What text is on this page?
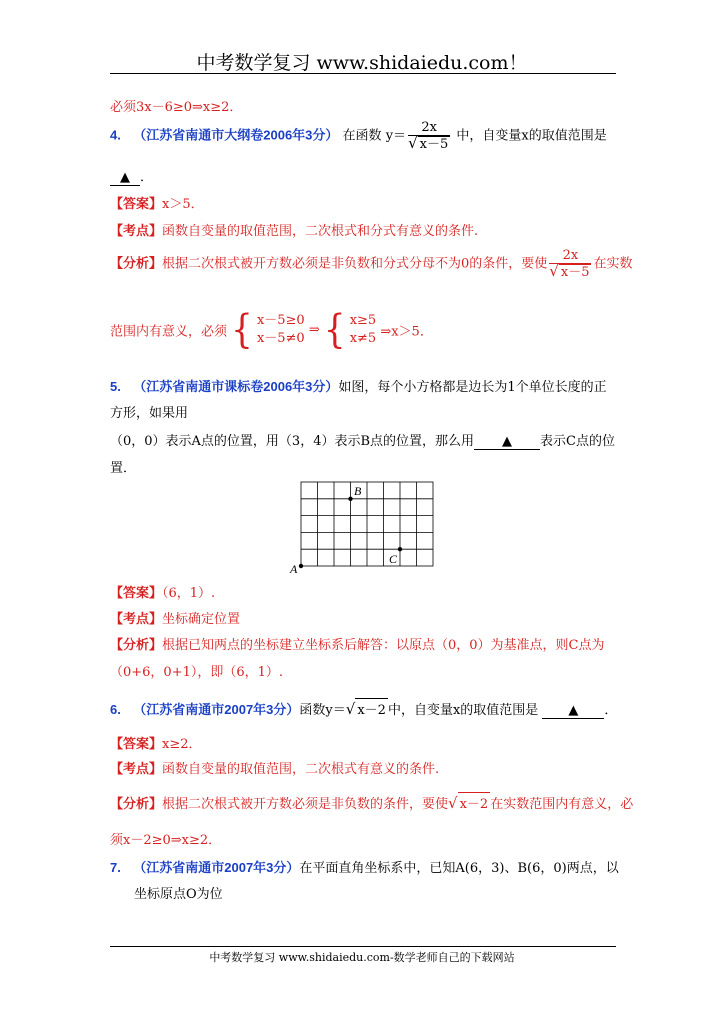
中考数学复习 www.shidaiedu.com！
必须3x－6≥0⇒x≥2．
4. （江苏省南通市大纲卷2006年3分） 在函数 $y= \frac{2x}{√ x-5}$ 中，自变量x的取值范围是
▲ ．
【答案】x＞5．
【考点】函数自变量的取值范围，二次根式和分式有意义的条件.
【分析】根据二次根式被开方数必须是非负数和分式分母不为0的条件，要使 $\frac{2x}{√ x-5}$ 在实数
范围内有意义，必须 { x－5≥0
x－5≠0
⇒ { x≥5
x≠5 ⇒x＞5．
5. （江苏省南通市课标卷2006年3分）如图，每个小方格都是边长为1个单位长度的正
方形，如果用
（0，0）表示A点的位置，用（3，4）表示B点的位置，那么用 ▲ 表示C点的位
置．
A
B
C
【答案】（6，1）.
【考点】坐标确定位置
【分析】根据已知两点的坐标建立坐标系后解答：以原点（0，0）为基准点，则C点为
（0+6，0+1），即（6，1）.
6. （江苏省南通市2007年3分）函数y＝√ x－2 中，自变量x的取值范围是 ▲ ．
【答案】x≥2．
【考点】函数自变量的取值范围，二次根式有意义的条件.
【分析】根据二次根式被开方数必须是非负数的条件，要使√ x－2 在实数范围内有意义，必
须x－2≥0⇒x≥2．
7. （江苏省南通市2007年3分）在平面直角坐标系中，已知A(6，3)、B(6，0)两点，以
坐标原点O为位
中考数学复习 www.shidaiedu.com-数学老师自己的下载网站
